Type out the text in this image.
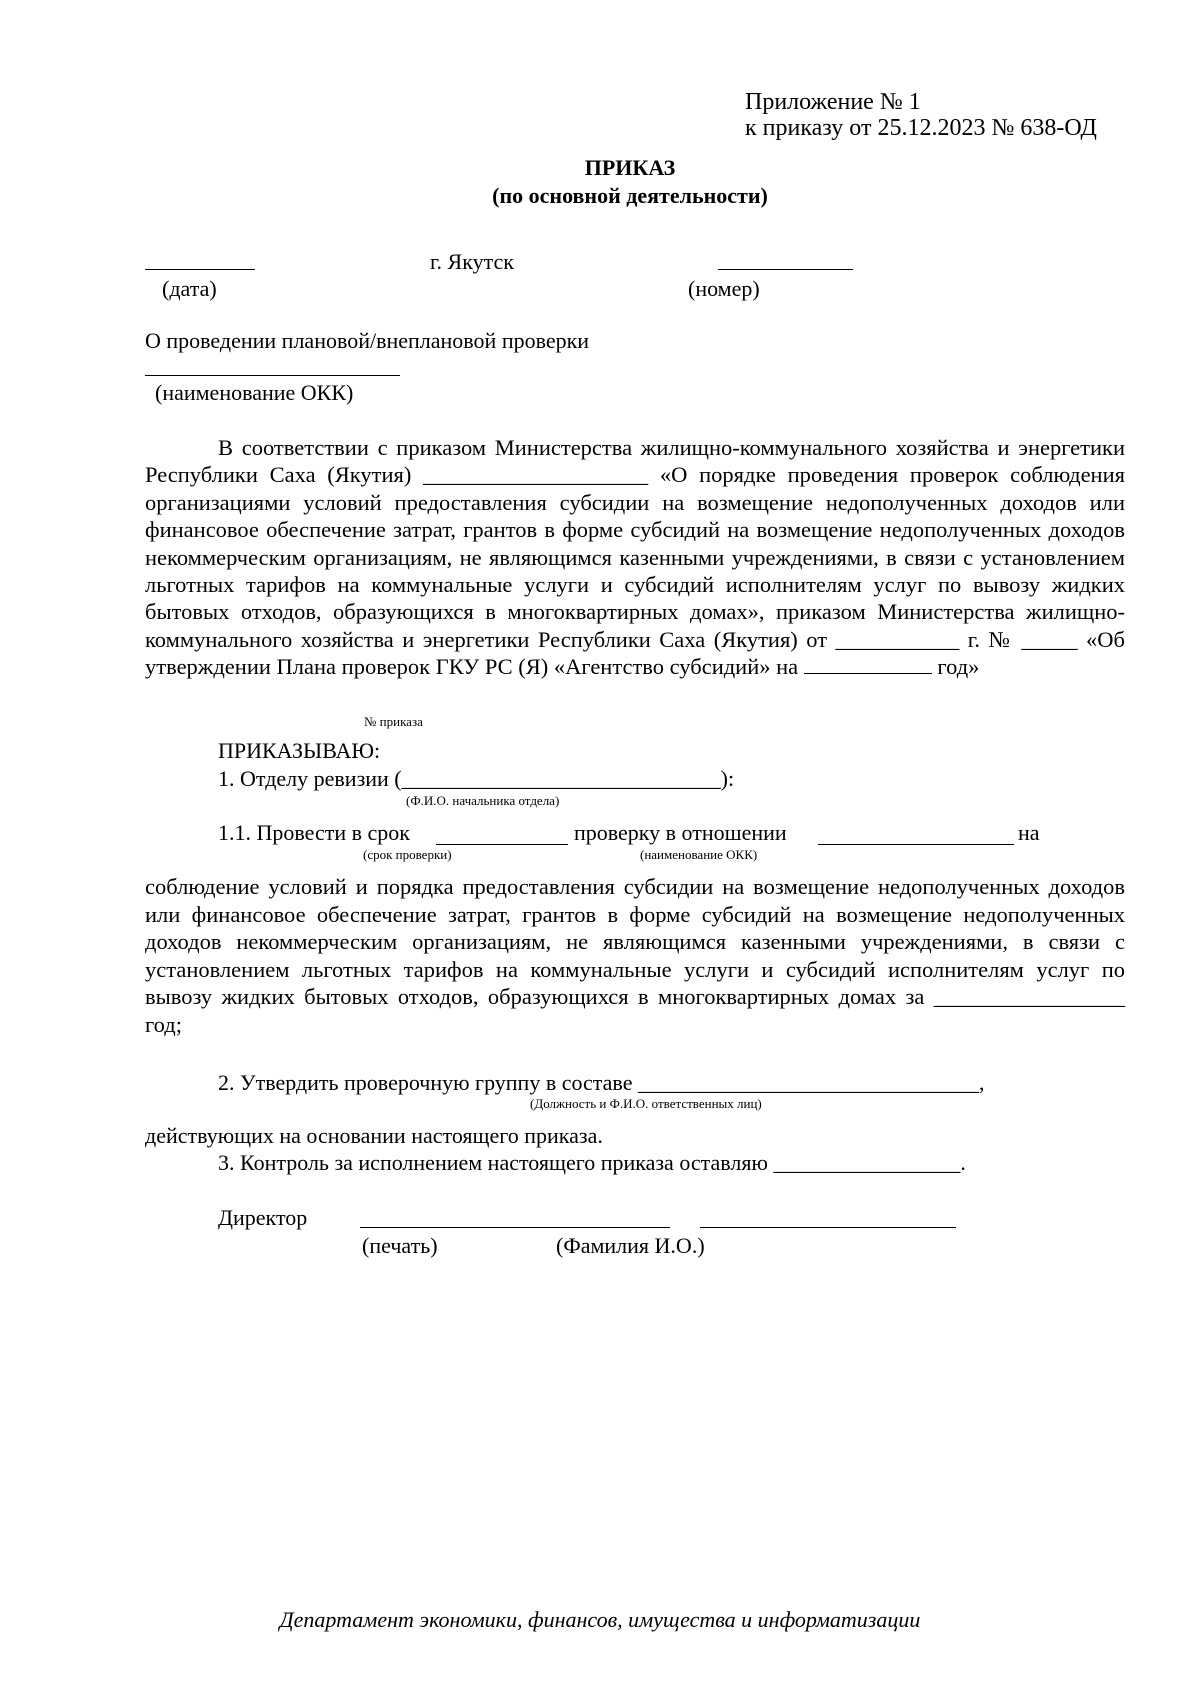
Приложение № 1
к приказу от 25.12.2023 № 638-ОД
ПРИКАЗ
(по основной деятельности)
г. Якутск
(дата)	(номер)
О проведении плановой/внеплановой проверки
(наименование ОКК)

В соответствии с приказом Министерства жилищно-коммунального хозяйства и энергетики Республики Саха (Якутия) ____________________ «О порядке проведения проверок соблюдения организациями условий предоставления субсидии на возмещение недополученных доходов или финансовое обеспечение затрат, грантов в форме субсидий на возмещение недополученных доходов некоммерческим организациям, не являющимся казенными учреждениями, в связи с установлением льготных тарифов на коммунальные услуги и субсидий исполнителям услуг по вывозу жидких бытовых отходов, образующихся в многоквартирных домах», приказом Министерства жилищно-коммунального хозяйства и энергетики Республики Саха (Якутия) от ___________ г. № _____ «Об утверждении Плана проверок ГКУ РС (Я) «Агентство субсидий» на	год»

№ приказа
ПРИКАЗЫВАЮ:
1. Отделу ревизии (_____________________________):
(Ф.И.О. начальника отдела)
1.1. Провести в срок	проверку в отношении	на
(срок проверки)	(наименование ОКК)

соблюдение условий и порядка предоставления субсидии на возмещение недополученных доходов или финансовое обеспечение затрат, грантов в форме субсидий на возмещение недополученных доходов некоммерческим организациям, не являющимся казенными учреждениями, в связи с установлением льготных тарифов на коммунальные услуги и субсидий исполнителям услуг по вывозу жидких бытовых отходов, образующихся в многоквартирных домах за _________________ год;

2. Утвердить проверочную группу в составе _______________________________,
(Должность и Ф.И.О. ответственных лиц)
действующих на основании настоящего приказа.
3. Контроль за исполнением настоящего приказа оставляю _________________.
Директор
(печать)	(Фамилия И.О.)
Департамент экономики, финансов, имущества и информатизации
